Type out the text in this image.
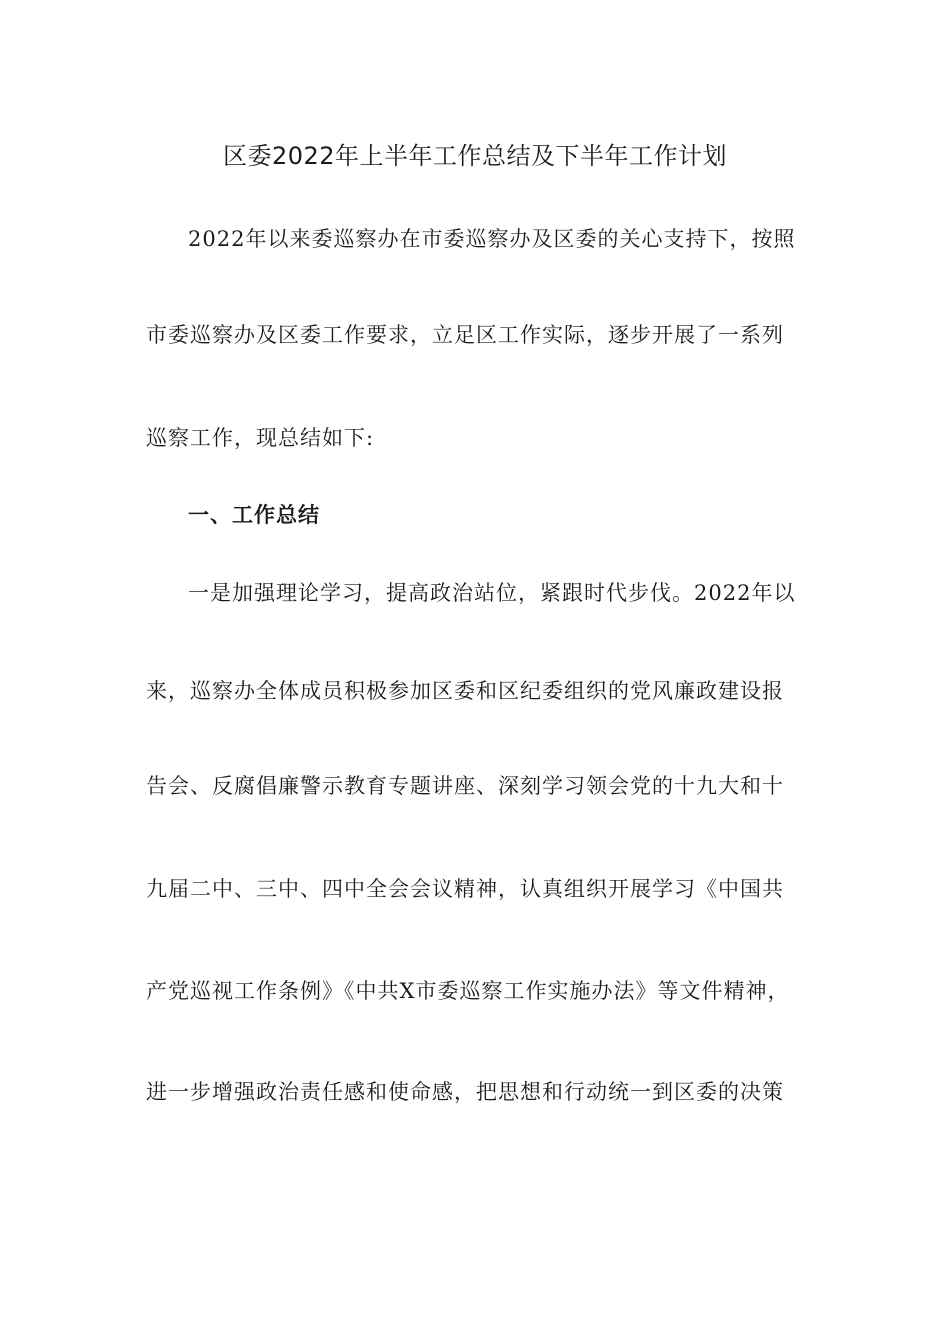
区委2022年上半年工作总结及下半年工作计划
2022年以来委巡察办在市委巡察办及区委的关心支持下，按照
市委巡察办及区委工作要求，立足区工作实际，逐步开展了一系列
巡察工作，现总结如下:
一、工作总结
一是加强理论学习，提高政治站位，紧跟时代步伐。2022年以
来，巡察办全体成员积极参加区委和区纪委组织的党风廉政建设报
告会、反腐倡廉警示教育专题讲座、深刻学习领会党的十九大和十
九届二中、三中、四中全会会议精神，认真组织开展学习《中国共
产党巡视工作条例》《中共X市委巡察工作实施办法》等文件精神，
进一步增强政治责任感和使命感，把思想和行动统一到区委的决策
